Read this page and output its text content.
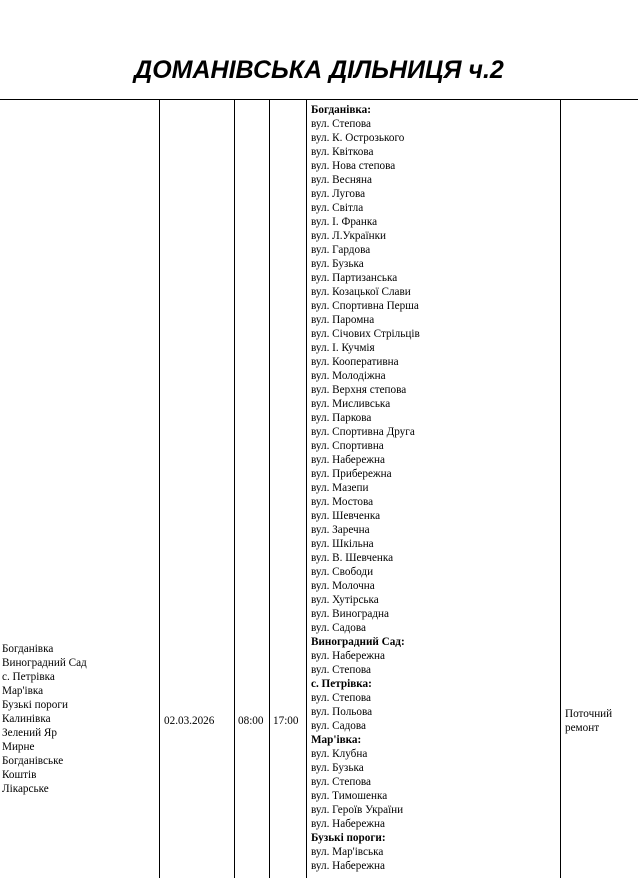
ДОМАНІВСЬКА ДІЛЬНИЦЯ ч.2
Богданівка
Виноградний Сад
с. Петрівка
Мар'івка
Бузькі пороги
Калинівка
Зелений Яр
Мирне
Богданівське
Коштів
Лікарське
02.03.2026 08:00 17:00
Богданівка:
вул. Степова
вул. К. Острозького
вул. Квіткова
вул. Нова степова
вул. Весняна
вул. Лугова
вул. Світла
вул. І. Франка
вул. Л.Українки
вул. Гардова
вул. Бузька
вул. Партизанська
вул. Козацької Слави
вул. Спортивна Перша
вул. Паромна
вул. Січових Стрільців
вул. І. Кучмія
вул. Кооперативна
вул. Молодіжна
вул. Верхня степова
вул. Мисливська
вул. Паркова
вул. Спортивна Друга
вул. Спортивна
вул. Набережна
вул. Прибережна
вул. Мазепи
вул. Мостова
вул. Шевченка
вул. Заречна
вул. Шкільна
вул. В. Шевченка
вул. Свободи
вул. Молочна
вул. Хутірська
вул. Виноградна
вул. Садова
Виноградний Сад:
вул. Набережна
вул. Степова
с. Петрівка:
вул. Степова
вул. Польова
вул. Садова
Мар'івка:
вул. Клубна
вул. Бузька
вул. Степова
вул. Тимошенка
вул. Героїв України
вул. Набережна
Бузькі пороги:
вул. Мар'івська
вул. Набережна
Поточний
ремонт
